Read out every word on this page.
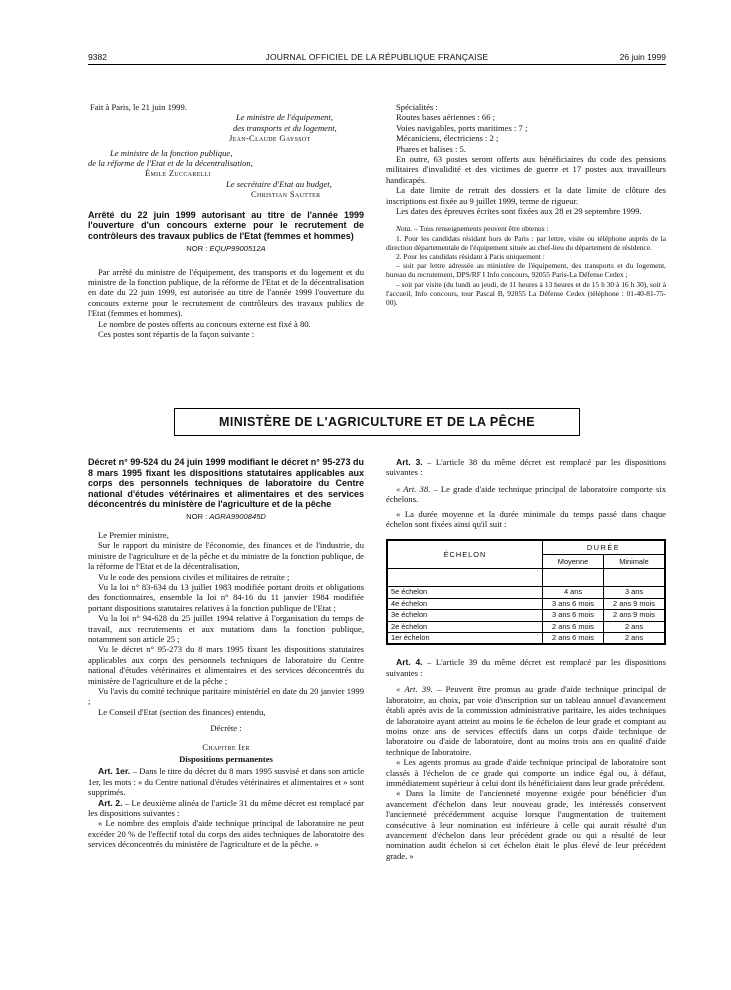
9382	JOURNAL OFFICIEL DE LA RÉPUBLIQUE FRANÇAISE	26 juin 1999

Fait à Paris, le 21 juin 1999.

Le ministre de l'équipement,

des transports et du logement,

Jean-Claude Gayssot

Le ministre de la fonction publique,

de la réforme de l'Etat et de la décentralisation,

Émile Zuccarelli

Le secrétaire d'Etat au budget,

Christian Sautter

Arrêté du 22 juin 1999 autorisant au titre de l'année 1999 l'ouverture d'un concours externe pour le recrutement de contrôleurs des travaux publics de l'Etat (femmes et hommes)

NOR : EQUP9900512A

Par arrêté du ministre de l'équipement, des transports et du logement et du ministre de la fonction publique, de la réforme de l'Etat et de la décentralisation en date du 22 juin 1999, est autorisée au titre de l'année 1999 l'ouverture du concours externe pour le recrutement de contrôleurs des travaux publics de l'Etat (femmes et hommes).

Le nombre de postes offerts au concours externe est fixé à 80.

Ces postes sont répartis de la façon suivante :

Spécialités :

Routes bases aériennes : 66 ;

Voies navigables, ports maritimes : 7 ;

Mécaniciens, électriciens : 2 ;

Phares et balises : 5.

En outre, 63 postes seront offerts aux bénéficiaires du code des pensions militaires d'invalidité et des victimes de guerre et 17 postes aux travailleurs handicapés.

La date limite de retrait des dossiers et la date limite de clôture des inscriptions est fixée au 9 juillet 1999, terme de rigueur.

Les dates des épreuves écrites sont fixées aux 28 et 29 septembre 1999.

Nota. – Tous renseignements peuvent être obtenus :

1. Pour les candidats résidant hors de Paris : par lettre, visite ou téléphone auprès de la direction départementale de l'équipement située au chef-lieu du département de résidence.

2. Pour les candidats résidant à Paris uniquement :

– soit par lettre adressée au ministère de l'équipement, des transports et du logement, bureau du recrutement, DPS/RF I Info concours, 92055 Paris-La Défense Cedex ;

– soit par visite (du lundi au jeudi, de 11 heures à 13 heures et de 15 h 30 à 16 h 30), soit à l'accueil, Info concours, tour Pascal B, 92055 La Défense Cedex (téléphone : 01-40-81-75-00).

MINISTÈRE DE L'AGRICULTURE ET DE LA PÊCHE

Décret n° 99-524 du 24 juin 1999 modifiant le décret n° 95-273 du 8 mars 1995 fixant les dispositions statutaires applicables aux corps des personnels techniques de laboratoire du Centre national d'études vétérinaires et alimentaires et des services déconcentrés du ministère de l'agriculture et de la pêche

NOR : AGRA9900845D

Le Premier ministre,

Sur le rapport du ministre de l'économie, des finances et de l'industrie, du ministre de l'agriculture et de la pêche et du ministre de la fonction publique, de la réforme de l'Etat et de la décentralisation,

Vu le code des pensions civiles et militaires de retraite ;

Vu la loi n° 83-634 du 13 juillet 1983 modifiée portant droits et obligations des fonctionnaires, ensemble la loi n° 84-16 du 11 janvier 1984 modifiée portant dispositions statutaires relatives à la fonction publique de l'Etat ;

Vu la loi n° 94-628 du 25 juillet 1994 relative à l'organisation du temps de travail, aux recrutements et aux mutations dans la fonction publique, notamment son article 25 ;

Vu le décret n° 95-273 du 8 mars 1995 fixant les dispositions statutaires applicables aux corps des personnels techniques de laboratoire du Centre national d'études vétérinaires et alimentaires et des services déconcentrés du ministère de l'agriculture et de la pêche ;

Vu l'avis du comité technique paritaire ministériel en date du 20 janvier 1999 ;

Le Conseil d'Etat (section des finances) entendu,

Décrète :

Chapitre Ier

Dispositions permanentes

Art. 1er. – Dans le titre du décret du 8 mars 1995 susvisé et dans son article 1er, les mots : « du Centre national d'études vétérinaires et alimentaires et » sont supprimés.

Art. 2. – Le deuxième alinéa de l'article 31 du même décret est remplacé par les dispositions suivantes :

« Le nombre des emplois d'aide technique principal de laboratoire ne peut excéder 20 % de l'effectif total du corps des aides techniques de laboratoire des services déconcentrés du ministère de l'agriculture et de la pêche. »

Art. 3. – L'article 38 du même décret est remplacé par les dispositions suivantes :

« Art. 38. – Le grade d'aide technique principal de laboratoire comporte six échelons.

« La durée moyenne et la durée minimale du temps passé dans chaque échelon sont fixées ainsi qu'il suit :

ÉCHELON	DURÉE	
	Moyenne	Minimale

5e échelon	4 ans	3 ans
4e échelon	3 ans 6 mois	2 ans 9 mois
3e échelon	3 ans 6 mois	2 ans 9 mois
2e échelon	2 ans 6 mois	2 ans
1er échelon	2 ans 6 mois	2 ans

Art. 4. – L'article 39 du même décret est remplacé par les dispositions suivantes :

« Art. 39. – Peuvent être promus au grade d'aide technique principal de laboratoire, au choix, par voie d'inscription sur un tableau annuel d'avancement établi après avis de la commission administrative paritaire, les aides techniques de laboratoire ayant atteint au moins le 6e échelon de leur grade et comptant au moins onze ans de services effectifs dans un corps d'aide technique de laboratoire ou d'aide de laboratoire, dont au moins trois ans en qualité d'aide technique de laboratoire.

« Les agents promus au grade d'aide technique principal de laboratoire sont classés à l'échelon de ce grade qui comporte un indice égal ou, à défaut, immédiatement supérieur à celui dont ils bénéficiaient dans leur grade précédent.

« Dans la limite de l'ancienneté moyenne exigée pour bénéficier d'un avancement d'échelon dans leur nouveau grade, les intéressés conservent l'ancienneté précédemment acquise lorsque l'augmentation de traitement consécutive à leur nomination est inférieure à celle qui aurait résulté d'un avancement d'échelon dans leur précédent grade ou qui a résulté de leur nomination audit échelon si cet échelon était le plus élevé de leur précédent grade. »
